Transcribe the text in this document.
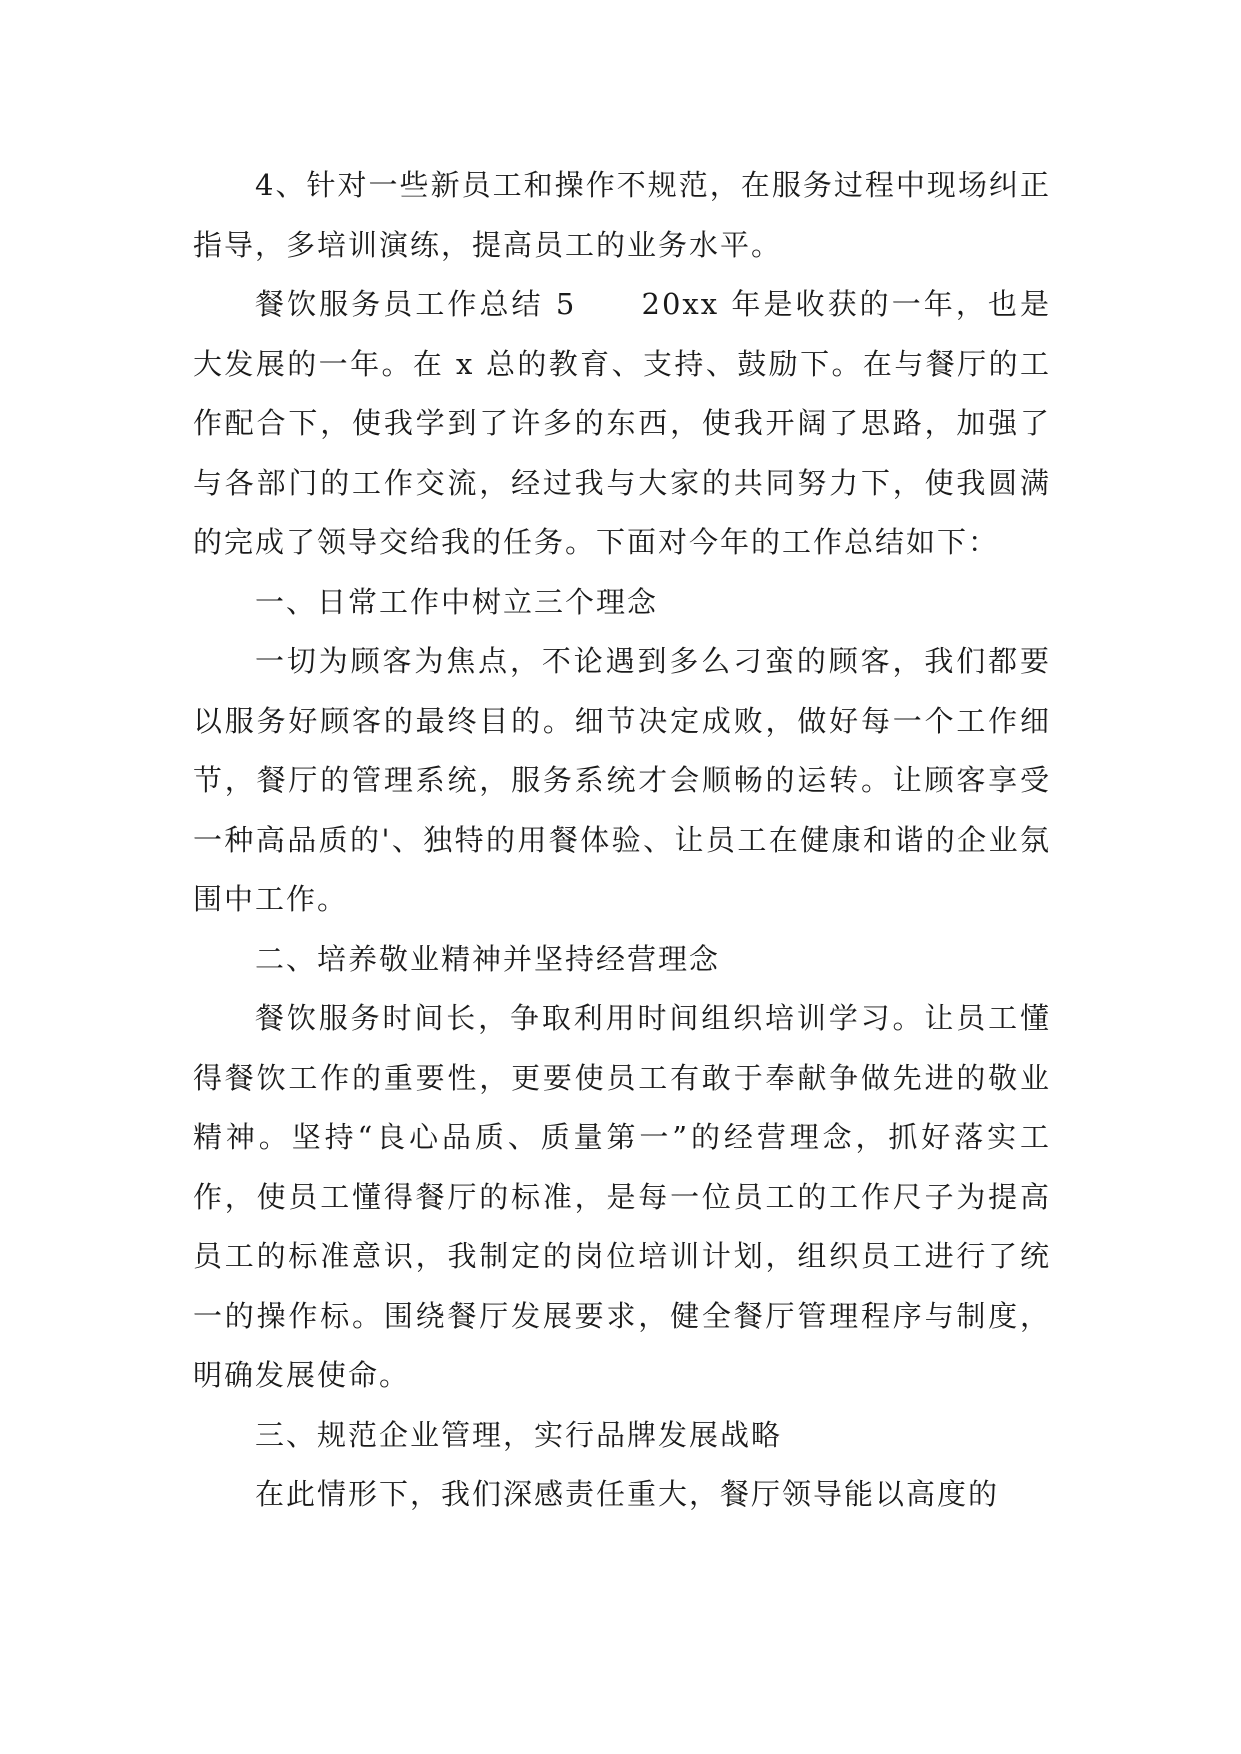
4、针对一些新员工和操作不规范，在服务过程中现场纠正指导，多培训演练，提高员工的业务水平。

餐饮服务员工作总结 5　　20xx 年是收获的一年，也是大发展的一年。在 x 总的教育、支持、鼓励下。在与餐厅的工作配合下，使我学到了许多的东西，使我开阔了思路，加强了与各部门的工作交流，经过我与大家的共同努力下，使我圆满的完成了领导交给我的任务。下面对今年的工作总结如下：

一、日常工作中树立三个理念

一切为顾客为焦点，不论遇到多么刁蛮的顾客，我们都要以服务好顾客的最终目的。细节决定成败，做好每一个工作细节，餐厅的管理系统，服务系统才会顺畅的运转。让顾客享受一种高品质的'、独特的用餐体验、让员工在健康和谐的企业氛围中工作。

二、培养敬业精神并坚持经营理念

餐饮服务时间长，争取利用时间组织培训学习。让员工懂得餐饮工作的重要性，更要使员工有敢于奉献争做先进的敬业精神。坚持“良心品质、质量第一”的经营理念，抓好落实工作，使员工懂得餐厅的标准，是每一位员工的工作尺子为提高员工的标准意识，我制定的岗位培训计划，组织员工进行了统一的操作标。围绕餐厅发展要求，健全餐厅管理程序与制度，明确发展使命。

三、规范企业管理，实行品牌发展战略

在此情形下，我们深感责任重大，餐厅领导能以高度的
